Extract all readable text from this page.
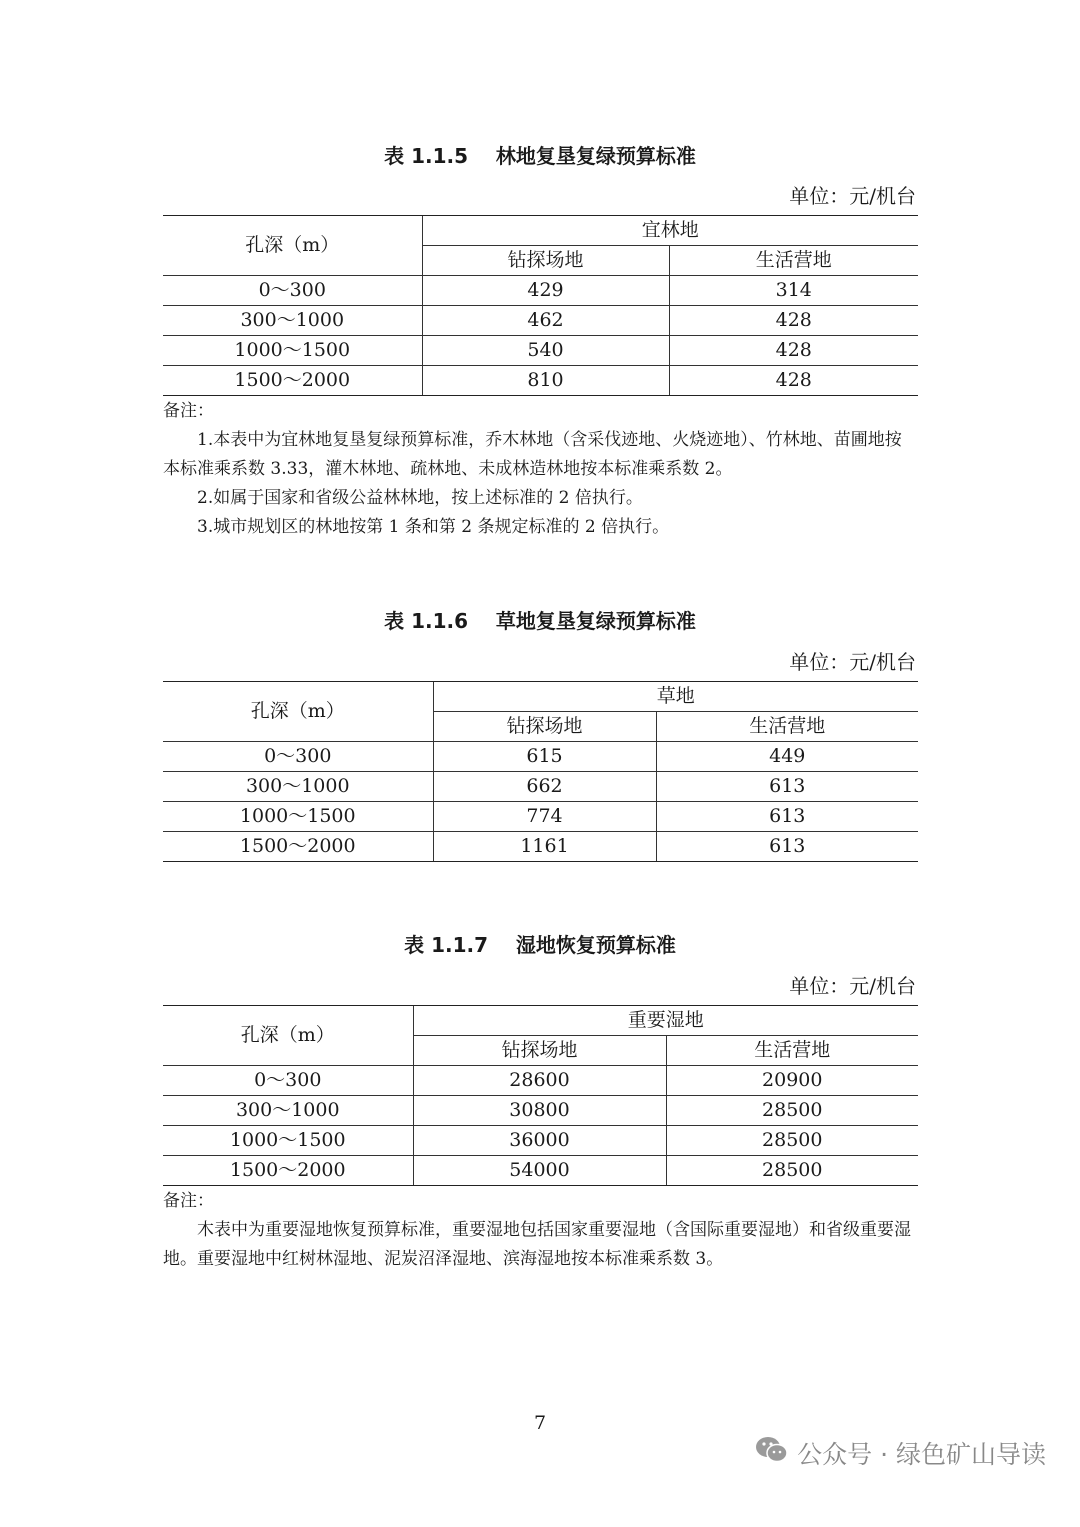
表 1.1.5    林地复垦复绿预算标准
单位：元/机台
孔深（m）	宜林地	
	钻探场地	生活营地
0～300	429	314
300～1000	462	428
1000～1500	540	428
1500～2000	810	428
备注：
1.本表中为宜林地复垦复绿预算标准，乔木林地（含采伐迹地、火烧迹地）、竹林地、苗圃地按本标准乘系数 3.33，灌木林地、疏林地、未成林造林地按本标准乘系数 2。
2.如属于国家和省级公益林林地，按上述标准的 2 倍执行。
3.城市规划区的林地按第 1 条和第 2 条规定标准的 2 倍执行。
表 1.1.6    草地复垦复绿预算标准
单位：元/机台
孔深（m）	草地	
	钻探场地	生活营地
0～300	615	449
300～1000	662	613
1000～1500	774	613
1500～2000	1161	613
表 1.1.7    湿地恢复预算标准
单位：元/机台
孔深（m）	重要湿地	
	钻探场地	生活营地
0～300	28600	20900
300～1000	30800	28500
1000～1500	36000	28500
1500～2000	54000	28500
备注：
木表中为重要湿地恢复预算标准，重要湿地包括国家重要湿地（含国际重要湿地）和省级重要湿地。重要湿地中红树林湿地、泥炭沼泽湿地、滨海湿地按本标准乘系数 3。
7
公众号 · 绿色矿山导读
